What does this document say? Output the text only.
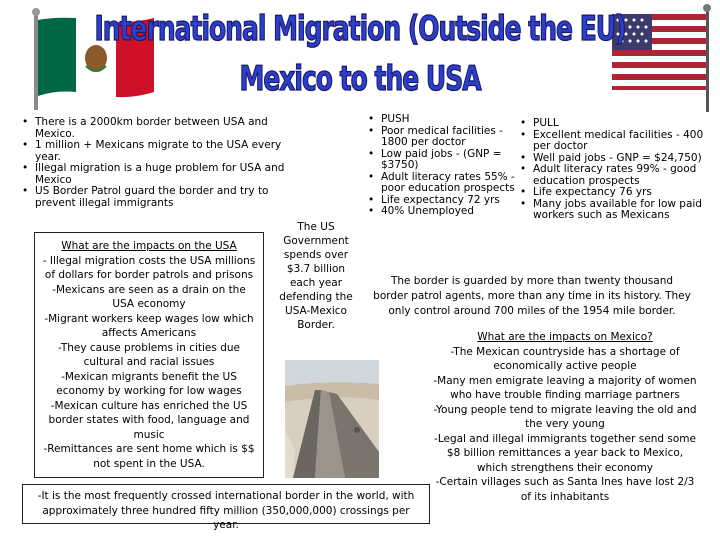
International Migration (Outside the EU)
Mexico to the USA
• There is a 2000km border between USA and Mexico.
• 1 million + Mexicans migrate to the USA every year.
• Illegal migration is a huge problem for USA and Mexico
• US Border Patrol guard the border and try to prevent illegal immigrants
• PUSH
• Poor medical facilities - 1800 per doctor
• Low paid jobs - (GNP = $3750)
• Adult literacy rates 55% - poor education prospects
• Life expectancy 72 yrs
• 40% Unemployed
• PULL
• Excellent medical facilities - 400 per doctor
• Well paid jobs - GNP = $24,750)
• Adult literacy rates 99% - good education prospects
• Life expectancy 76 yrs
• Many jobs available for low paid workers such as Mexicans
What are the impacts on the USA
- Illegal migration costs the USA millions of dollars for border patrols and prisons
-Mexicans are seen as a drain on the USA economy
-Migrant workers keep wages low which affects Americans
-They cause problems in cities due cultural and racial issues
-Mexican migrants benefit the US economy by working for low wages
-Mexican culture has enriched the US border states with food, language and music
-Remittances are sent home which is $$ not spent in the USA.
The US Government spends over $3.7 billion each year defending the USA-Mexico Border.
The border is guarded by more than twenty thousand border patrol agents, more than any time in its history. They only control around 700 miles of the 1954 mile border.
What are the impacts on Mexico?
-The Mexican countryside has a shortage of economically active people
-Many men emigrate leaving a majority of women who have trouble finding marriage partners
-Young people tend to migrate leaving the old and the very young
-Legal and illegal immigrants together send some $8 billion remittances a year back to Mexico, which strengthens their economy
-Certain villages such as Santa Ines have lost 2/3 of its inhabitants
-It is the most frequently crossed international border in the world, with approximately three hundred fifty million (350,000,000) crossings per year.
